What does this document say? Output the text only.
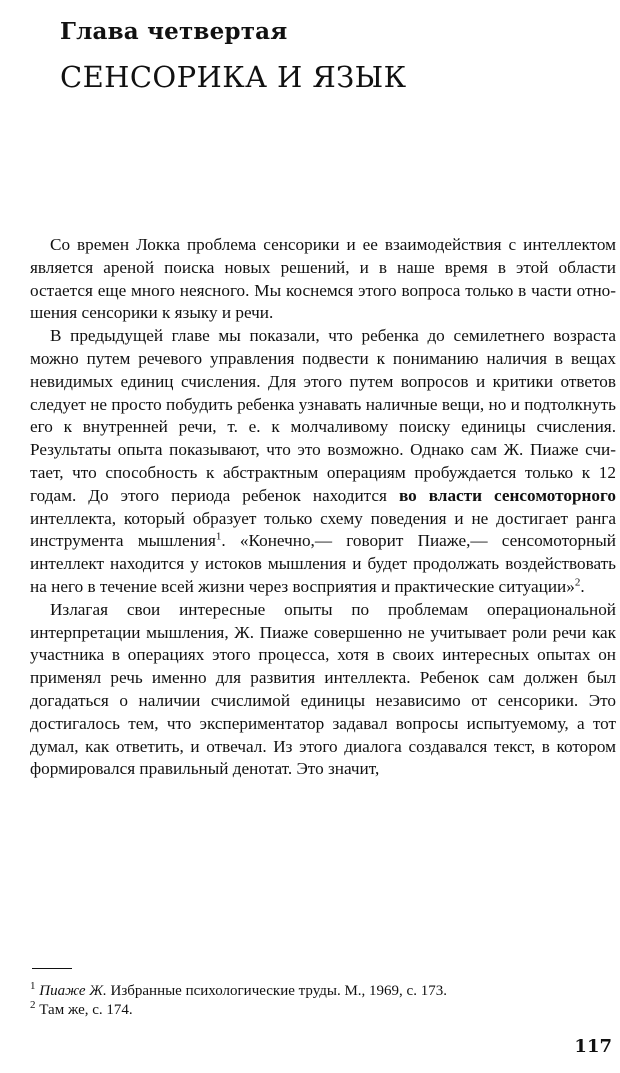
Глава четвертая
СЕНСОРИКА И ЯЗЫК

Со времен Локка проблема сенсорики и ее взаимодействия с интеллектом является ареной поиска новых решений, и в наше время в этой области остается еще много неясного. Мы коснемся этого вопроса только в части отношения сенсорики к языку и речи.

В предыдущей главе мы показали, что ребенка до семилетнего возраста можно путем речевого управления подвести к пониманию наличия в вещах невидимых единиц счисления. Для этого путем вопросов и критики ответов следует не просто побудить ребенка узнавать наличные вещи, но и подтолкнуть его к внутренней речи, т. е. к молчаливому поиску единицы счисления. Результаты опыта показывают, что это возможно. Однако сам Ж. Пиаже считает, что способность к абстрактным операциям пробуждается только к 12 годам. До этого периода ребенок находится во власти сенсомоторного интеллекта, который образует только схему поведения и не достигает ранга инструмента мышления$^1$. «Конечно,— говорит Пиаже,— сенсомоторный интеллект находится у истоков мышления и будет продолжать воздействовать на него в течение всей жизни через восприятия и практические ситуации»$^2$.

Излагая свои интересные опыты по проблемам операциональной интерпретации мышления, Ж. Пиаже совершенно не учитывает роли речи как участника в операциях этого процесса, хотя в своих интересных опытах он применял речь именно для развития интеллекта. Ребенок сам должен был догадаться о наличии счислимой единицы независимо от сенсорики. Это достигалось тем, что экспериментатор задавал вопросы испытуемому, а тот думал, как ответить, и отвечал. Из этого диалога создавался текст, в котором формировался правильный денотат. Это значит,

$^1$ Пиаже Ж. Избранные психологические труды. М., 1969, с. 173.
$^2$ Там же, с. 174.
117
